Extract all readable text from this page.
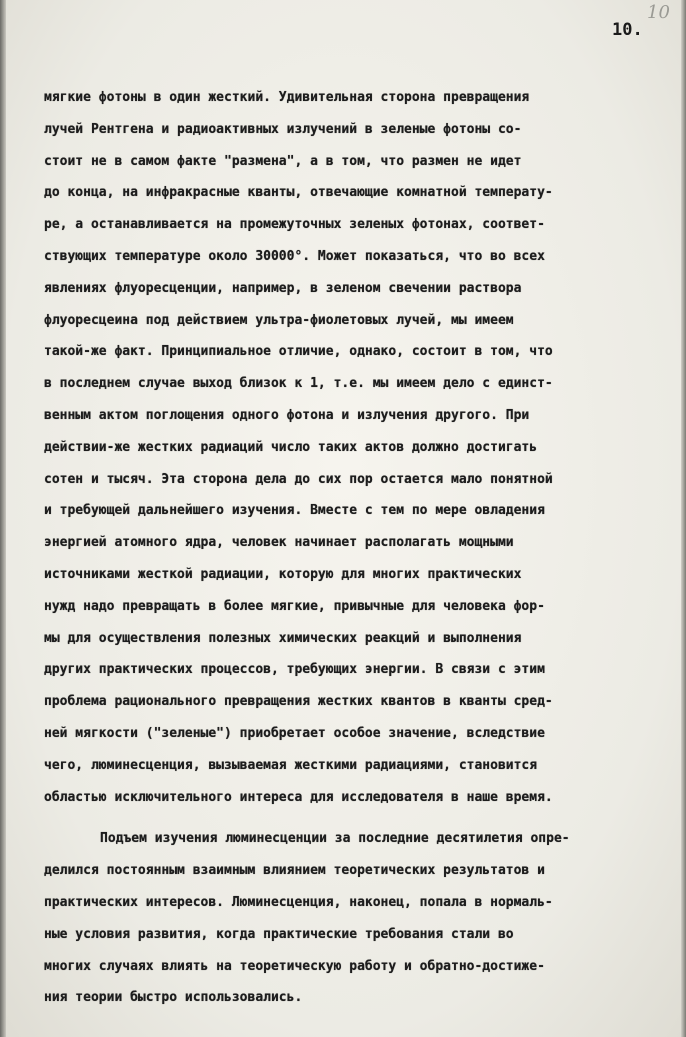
10

10.

мягкие фотоны в один жесткий. Удивительная сторона превращения

лучей Рентгена и радиоактивных излучений в зеленые фотоны со-

стоит не в самом факте "размена", а в том, что размен не идет

до конца, на инфракрасные кванты, отвечающие комнатной температу-

ре, а останавливается на промежуточных зеленых фотонах, соответ-

ствующих температуре около 30000°. Может показаться, что во всех

явлениях флуоресценции, например, в зеленом свечении раствора

флуоресцеина под действием ультра-фиолетовых лучей, мы имеем

такой-же факт. Принципиальное отличие, однако, состоит в том, что

в последнем случае выход близок к 1, т.е. мы имеем дело с единст-

венным актом поглощения одного фотона и излучения другого. При

действии-же жестких радиаций число таких актов должно достигать

сотен и тысяч. Эта сторона дела до сих пор остается мало понятной

и требующей дальнейшего изучения. Вместе с тем по мере овладения

энергией атомного ядра, человек начинает располагать мощными

источниками жесткой радиации, которую для многих практических

нужд надо превращать в более мягкие, привычные для человека фор-

мы для осуществления полезных химических реакций и выполнения

других практических процессов, требующих энергии. В связи с этим

проблема рационального превращения жестких квантов в кванты сред-

ней мягкости ("зеленые") приобретает особое значение, вследствие

чего, люминесценция, вызываемая жесткими радиациями, становится

областью исключительного интереса для исследователя в наше время.

Подъем изучения люминесценции за последние десятилетия опре-

делился постоянным взаимным влиянием теоретических результатов и

практических интересов. Люминесценция, наконец, попала в нормаль-

ные условия развития, когда практические требования стали во

многих случаях влиять на теоретическую работу и обратно-достиже-

ния теории быстро использовались.
